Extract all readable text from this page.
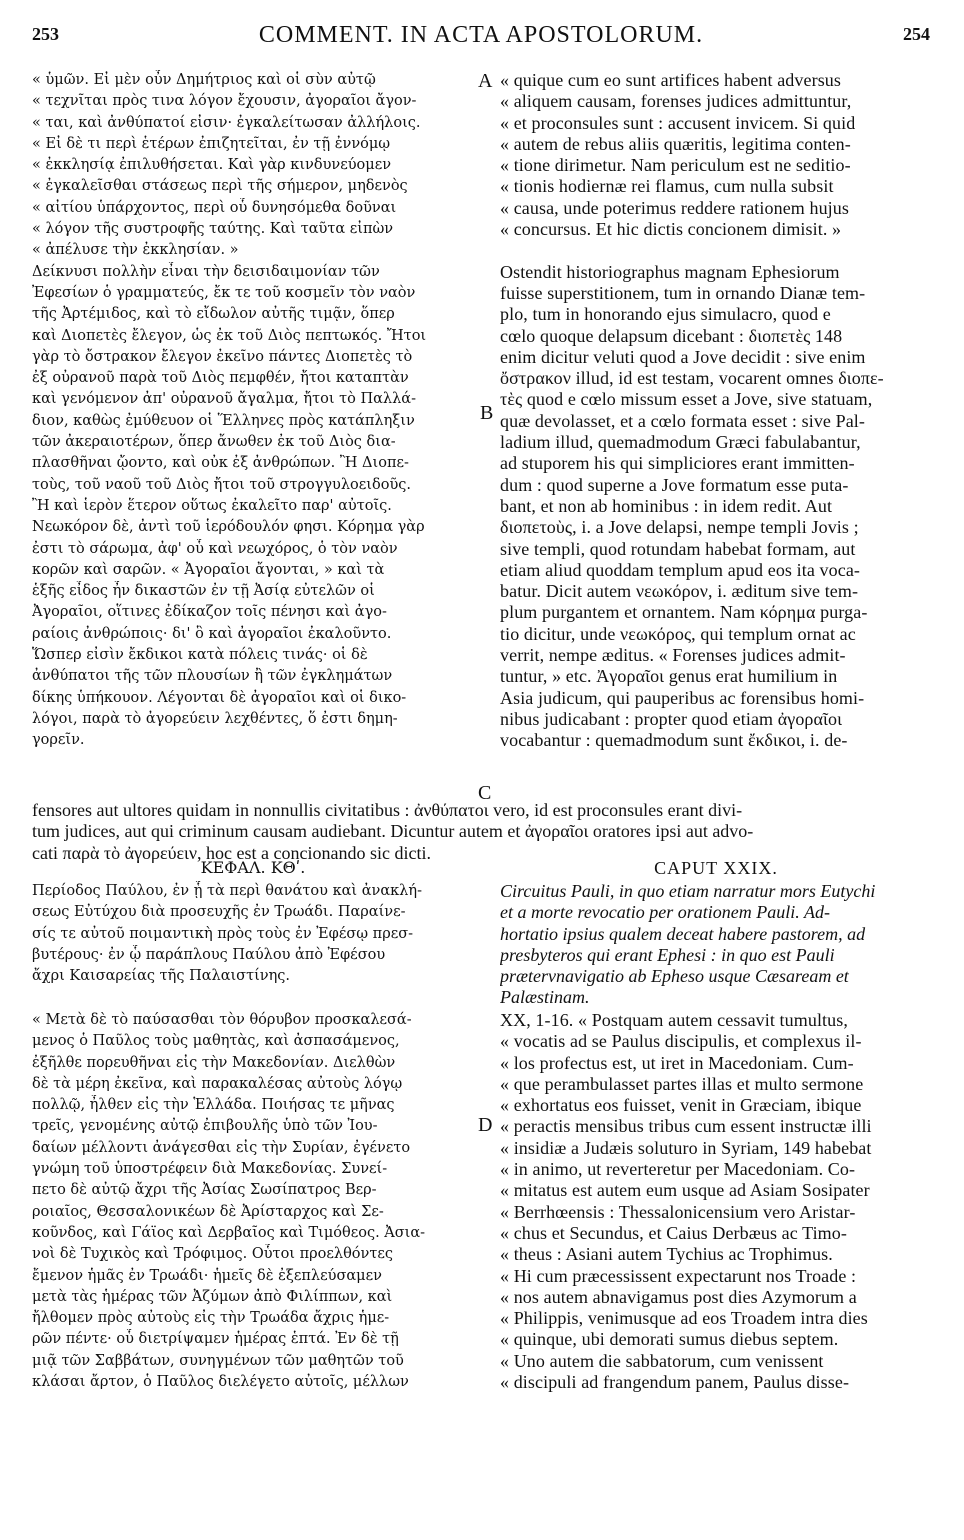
253	COMMENT. IN ACTA APOSTOLORUM.	254
« ὑμῶν. Εἰ μὲν οὖν Δημήτριος καὶ οἱ σὺν αὐτῷ
« τεχνῖται πρὸς τινα λόγον ἔχουσιν, ἀγοραῖοι ἄγον-
« ται, καὶ ἀνθύπατοί εἰσιν· ἐγκαλείτωσαν ἀλλήλοις.
« Εἰ δὲ τι περὶ ἑτέρων ἐπιζητεῖται, ἐν τῇ ἐννόμῳ
« ἐκκλησίᾳ ἐπιλυθήσεται. Καὶ γὰρ κινδυνεύομεν
« ἐγκαλεῖσθαι στάσεως περὶ τῆς σήμερον, μηδενὸς
« αἰτίου ὑπάρχοντος, περὶ οὗ δυνησόμεθα δοῦναι
« λόγον τῆς συστροφῆς ταύτης. Καὶ ταῦτα εἰπὼν
« ἀπέλυσε τὴν ἐκκλησίαν. »
Δείκνυσι πολλὴν εἶναι τὴν δεισιδαιμονίαν τῶν
Ἐφεσίων ὁ γραμματεύς, ἔκ τε τοῦ κοσμεῖν τὸν ναὸν
τῆς Ἀρτέμιδος, καὶ τὸ εἴδωλον αὐτῆς τιμᾷν, ὅπερ
καὶ Διοπετὲς ἔλεγον, ὡς ἐκ τοῦ Διὸς πεπτωκός. Ἤτοι
γὰρ τὸ ὄστρακον ἔλεγον ἐκεῖνο πάντες Διοπετὲς τὸ
ἐξ οὐρανοῦ παρὰ τοῦ Διὸς πεμφθέν, ἤτοι καταπτὰν
καὶ γενόμενον ἀπ' οὐρανοῦ ἄγαλμα, ἤτοι τὸ Παλλά-
διον, καθὼς ἐμύθευον οἱ Ἕλληνες πρὸς κατάπληξιν
τῶν ἀκεραιοτέρων, ὅπερ ἄνωθεν ἐκ τοῦ Διὸς δια-
πλασθῆναι ᾤοντο, καὶ οὐκ ἐξ ἀνθρώπων. Ἢ Διοπε-
τοὺς, τοῦ ναοῦ τοῦ Διὸς ἤτοι τοῦ στρογγυλοειδοῦς.
Ἢ καὶ ἱερὸν ἕτερον οὕτως ἐκαλεῖτο παρ' αὐτοῖς.
Νεωκόρον δὲ, ἀντὶ τοῦ ἱερόδουλόν φησι. Κόρημα γὰρ
ἐστι τὸ σάρωμα, ἀφ' οὗ καὶ νεωχόρος, ὁ τὸν ναὸν
κορῶν καὶ σαρῶν. « Ἀγοραῖοι ἄγονται, » καὶ τὰ
ἑξῆς εἶδος ἦν δικαστῶν ἐν τῇ Ἀσίᾳ εὐτελῶν οἱ
Ἀγοραῖοι, οἵτινες ἐδίκαζον τοῖς πένησι καὶ ἀγο-
ραίοις ἀνθρώποις· δι' ὃ καὶ ἀγοραῖοι ἐκαλοῦντο.
Ὥσπερ εἰσὶν ἔκδικοι κατὰ πόλεις τινάς· οἱ δὲ
ἀνθύπατοι τῆς τῶν πλουσίων ἢ τῶν ἐγκλημάτων
δίκης ὑπήκουον. Λέγονται δὲ ἀγοραῖοι καὶ οἱ δικο-
λόγοι, παρὰ τὸ ἀγορεύειν λεχθέντες, ὅ ἐστι δημη-
γορεῖν.
« quique cum eo sunt artifices habent adversus
« aliquem causam, forenses judices admittuntur,
« et proconsules sunt : accusent invicem. Si quid
« autem de rebus aliis quæritis, legitima conten-
« tione dirimetur. Nam periculum est ne seditio-
« tionis hodiernæ rei flamus, cum nulla subsit
« causa, unde poterimus reddere rationem hujus
« concursus. Et hic dictis concionem dimisit. »
Ostendit historiographus magnam Ephesiorum
fuisse superstitionem, tum in ornando Dianæ tem-
plo, tum in honorando ejus simulacro, quod e
cœlo quoque delapsum dicebant : διοπετὲς 148
enim dicitur veluti quod a Jove decidit : sive enim
ὄστρακον illud, id est testam, vocarent omnes διοπε-
τὲς quod e cœlo missum esset a Jove, sive statuam,
quæ devolasset, et a cœlo formata esset : sive Pal-
ladium illud, quemadmodum Græci fabulabantur,
ad stuporem his qui simpliciores erant immitten-
dum : quod superne a Jove formatum esse puta-
bant, et non ab hominibus : in idem redit. Aut
διοπετοὺς, i. a Jove delapsi, nempe templi Jovis ;
sive templi, quod rotundam habebat formam, aut
etiam aliud quoddam templum apud eos ita voca-
batur. Dicit autem νεωκόρον, i. æditum sive tem-
plum purgantem et ornantem. Nam κόρημα purga-
tio dicitur, unde νεωκόρος, qui templum ornat ac
verrit, nempe æditus. « Forenses judices admit-
tuntur, » etc. Ἀγοραῖοι genus erat humilium in
Asia judicum, qui pauperibus ac forensibus homi-
nibus judicabant : propter quod etiam ἀγοραῖοι
vocabantur : quemadmodum sunt ἔκδικοι, i. de-
A
B
C
D
fensores aut ultores quidam in nonnullis civitatibus : ἀνθύπατοι vero, id est proconsules erant divi-
tum judices, aut qui criminum causam audiebant. Dicuntur autem et ἀγοραῖοι oratores ipsi aut advo-
cati παρὰ τὸ ἀγορεύειν, hoc est a concionando sic dicti.
ΚΕΦΑΛ. ΚΘʹ.	CAPUT XXIX.
Περίοδος Παύλου, ἐν ᾗ τὰ περὶ θανάτου καὶ ἀνακλή-
σεως Εὐτύχου διὰ προσευχῆς ἐν Τρωάδι. Παραίνε-
σίς τε αὐτοῦ ποιμαντικὴ πρὸς τοὺς ἐν Ἐφέσῳ πρεσ-
βυτέρους· ἐν ᾧ παράπλους Παύλου ἀπὸ Ἐφέσου
ἄχρι Καισαρείας τῆς Παλαιστίνης.
Circuitus Pauli, in quo etiam narratur mors Eutychi
et a morte revocatio per orationem Pauli. Ad-
hortatio ipsius qualem deceat habere pastorem, ad
presbyteros qui erant Ephesi : in quo est Pauli
prætervnavigatio ab Epheso usque Cæsaream et
Palæstinam.
« Μετὰ δὲ τὸ παύσασθαι τὸν θόρυβον προσκαλεσά-
μενος ὁ Παῦλος τοὺς μαθητὰς, καὶ ἀσπασάμενος,
ἐξῆλθε πορευθῆναι εἰς τὴν Μακεδονίαν. Διελθὼν
δὲ τὰ μέρη ἐκεῖνα, καὶ παρακαλέσας αὐτοὺς λόγῳ
πολλῷ, ἦλθεν εἰς τὴν Ἑλλάδα. Ποιήσας τε μῆνας
τρεῖς, γενομένης αὐτῷ ἐπιβουλῆς ὑπὸ τῶν Ἰου-
δαίων μέλλοντι ἀνάγεσθαι εἰς τὴν Συρίαν, ἐγένετο
γνώμη τοῦ ὑποστρέφειν διὰ Μακεδονίας. Συνεί-
πετο δὲ αὐτῷ ἄχρι τῆς Ἀσίας Σωσίπατρος Βερ-
ροιαῖος, Θεσσαλονικέων δὲ Ἀρίσταρχος καὶ Σε-
κοῦνδος, καὶ Γάϊος καὶ Δερβαῖος καὶ Τιμόθεος. Ἀσια-
νοὶ δὲ Τυχικὸς καὶ Τρόφιμος. Οὗτοι προελθόντες
ἔμενον ἡμᾶς ἐν Τρωάδι· ἡμεῖς δὲ ἐξεπλεύσαμεν
μετὰ τὰς ἡμέρας τῶν Ἀζύμων ἀπὸ Φιλίππων, καὶ
ἤλθομεν πρὸς αὐτοὺς εἰς τὴν Τρωάδα ἄχρις ἡμε-
ρῶν πέντε· οὗ διετρίψαμεν ἡμέρας ἑπτά. Ἐν δὲ τῇ
μιᾷ τῶν Σαββάτων, συνηγμένων τῶν μαθητῶν τοῦ
κλάσαι ἄρτον, ὁ Παῦλος διελέγετο αὐτοῖς, μέλλων
XX, 1-16. « Postquam autem cessavit tumultus,
« vocatis ad se Paulus discipulis, et complexus il-
« los profectus est, ut iret in Macedoniam. Cum-
« que perambulasset partes illas et multo sermone
« exhortatus eos fuisset, venit in Græciam, ibique
« peractis mensibus tribus cum essent instructæ illi
« insidiæ a Judæis soluturo in Syriam, 149 habebat
« in animo, ut reverteretur per Macedoniam. Co-
« mitatus est autem eum usque ad Asiam Sosipater
« Berrhœensis : Thessalonicensium vero Aristar-
« chus et Secundus, et Caius Derbæus ac Timo-
« theus : Asiani autem Tychius ac Trophimus.
« Hi cum præcessissent expectarunt nos Troade :
« nos autem abnavigamus post dies Azymorum a
« Philippis, venimusque ad eos Troadem intra dies
« quinque, ubi demorati sumus diebus septem.
« Uno autem die sabbatorum, cum venissent
« discipuli ad frangendum panem, Paulus disse-
